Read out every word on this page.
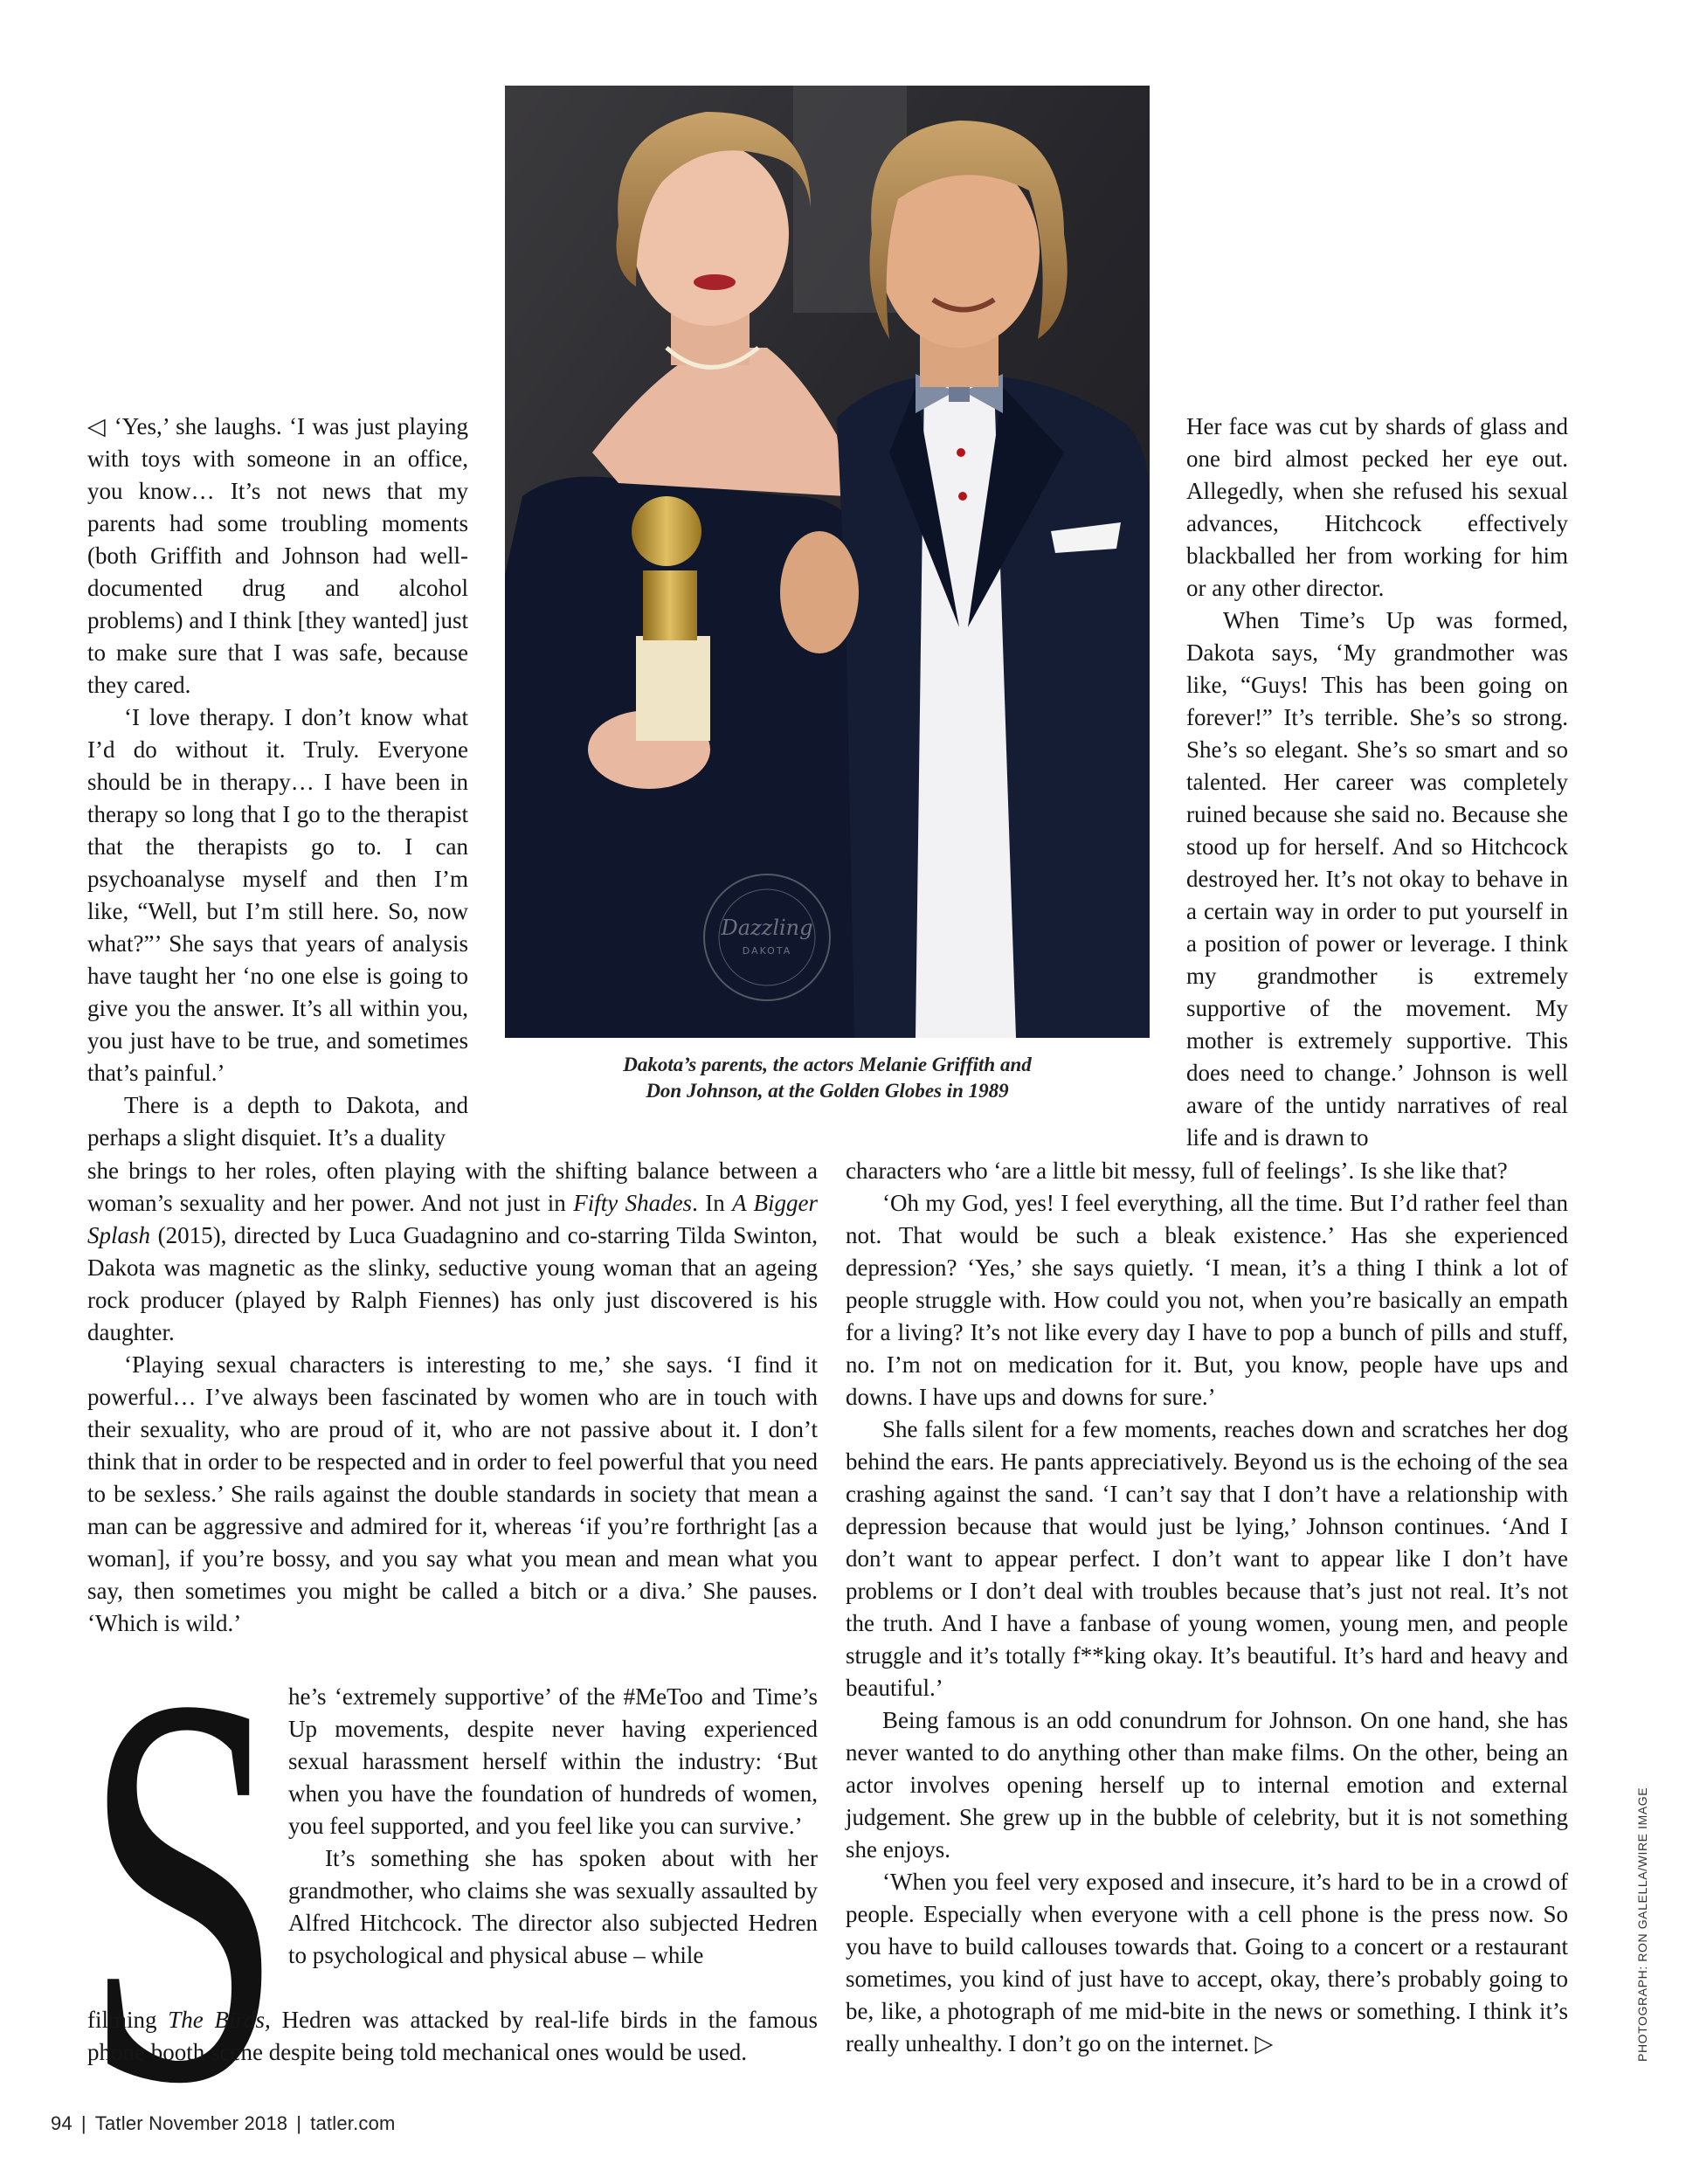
◁ ‘Yes,’ she laughs. ‘I was just playing with toys with someone in an office, you know… It’s not news that my parents had some troubling moments (both Griffith and Johnson had well-documented drug and alcohol problems) and I think [they wanted] just to make sure that I was safe, because they cared.

‘I love therapy. I don’t know what I’d do without it. Truly. Everyone should be in therapy… I have been in therapy so long that I go to the therapist that the therapists go to. I can psychoanalyse myself and then I’m like, “Well, but I’m still here. So, now what?”’ She says that years of analysis have taught her ‘no one else is going to give you the answer. It’s all within you, you just have to be true, and sometimes that’s painful.’

There is a depth to Dakota, and perhaps a slight disquiet. It’s a duality

Dazzling
DAKOTA
Dakota’s parents, the actors Melanie Griffith and
Don Johnson, at the Golden Globes in 1989

Her face was cut by shards of glass and one bird almost pecked her eye out. Allegedly, when she refused his sexual advances, Hitchcock effectively blackballed her from working for him or any other director.

When Time’s Up was formed, Dakota says, ‘My grandmother was like, “Guys! This has been going on forever!” It’s terrible. She’s so strong. She’s so elegant. She’s so smart and so talented. Her career was completely ruined because she said no. Because she stood up for herself. And so Hitchcock destroyed her. It’s not okay to behave in a certain way in order to put yourself in a position of power or leverage. I think my grandmother is extremely supportive of the movement. My mother is extremely supportive. This does need to change.’ Johnson is well aware of the untidy narratives of real life and is drawn to

she brings to her roles, often playing with the shifting balance between a woman’s sexuality and her power. And not just in Fifty Shades. In A Bigger Splash (2015), directed by Luca Guadagnino and co-starring Tilda Swinton, Dakota was magnetic as the slinky, seductive young woman that an ageing rock producer (played by Ralph Fiennes) has only just discovered is his daughter.

‘Playing sexual characters is interesting to me,’ she says. ‘I find it powerful… I’ve always been fascinated by women who are in touch with their sexuality, who are proud of it, who are not passive about it. I don’t think that in order to be respected and in order to feel powerful that you need to be sexless.’ She rails against the double standards in society that mean a man can be aggressive and admired for it, whereas ‘if you’re forthright [as a woman], if you’re bossy, and you say what you mean and mean what you say, then sometimes you might be called a bitch or a diva.’ She pauses. ‘Which is wild.’

S he’s ‘extremely supportive’ of the #MeToo and Time’s Up movements, despite never having experienced sexual harassment herself within the industry: ‘But when you have the foundation of hundreds of women, you feel supported, and you feel like you can survive.’

It’s something she has spoken about with her grandmother, who claims she was sexually assaulted by Alfred Hitchcock. The director also subjected Hedren to psychological and physical abuse – while

filming The Birds, Hedren was attacked by real-life birds in the famous phone booth scene despite being told mechanical ones would be used.

characters who ‘are a little bit messy, full of feelings’. Is she like that?

‘Oh my God, yes! I feel everything, all the time. But I’d rather feel than not. That would be such a bleak existence.’ Has she experienced depression? ‘Yes,’ she says quietly. ‘I mean, it’s a thing I think a lot of people struggle with. How could you not, when you’re basically an empath for a living? It’s not like every day I have to pop a bunch of pills and stuff, no. I’m not on medication for it. But, you know, people have ups and downs. I have ups and downs for sure.’

She falls silent for a few moments, reaches down and scratches her dog behind the ears. He pants appreciatively. Beyond us is the echoing of the sea crashing against the sand. ‘I can’t say that I don’t have a relationship with depression because that would just be lying,’ Johnson continues. ‘And I don’t want to appear perfect. I don’t want to appear like I don’t have problems or I don’t deal with troubles because that’s just not real. It’s not the truth. And I have a fanbase of young women, young men, and people struggle and it’s totally f**king okay. It’s beautiful. It’s hard and heavy and beautiful.’

Being famous is an odd conundrum for Johnson. On one hand, she has never wanted to do anything other than make films. On the other, being an actor involves opening herself up to internal emotion and external judgement. She grew up in the bubble of celebrity, but it is not something she enjoys.

‘When you feel very exposed and insecure, it’s hard to be in a crowd of people. Especially when everyone with a cell phone is the press now. So you have to build callouses towards that. Going to a concert or a restaurant sometimes, you kind of just have to accept, okay, there’s probably going to be, like, a photograph of me mid-bite in the news or something. I think it’s really unhealthy. I don’t go on the internet. ▷	PHOTOGRAPH: RON GALELLA/WIRE IMAGE
94 | Tatler November 2018 | tatler.com
